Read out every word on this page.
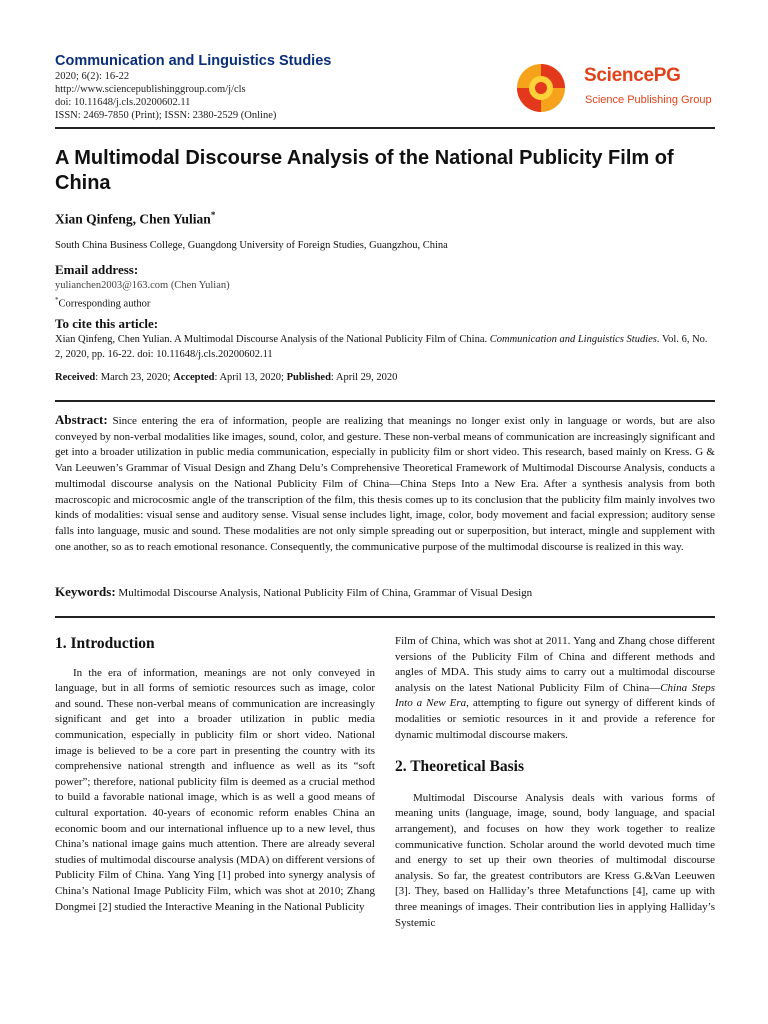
Communication and Linguistics Studies
2020; 6(2): 16-22
http://www.sciencepublishinggroup.com/j/cls
doi: 10.11648/j.cls.20200602.11
ISSN: 2469-7850 (Print); ISSN: 2380-2529 (Online)
SciencePG
Science Publishing Group
A Multimodal Discourse Analysis of the National Publicity Film of China
Xian Qinfeng, Chen Yulian*
South China Business College, Guangdong University of Foreign Studies, Guangzhou, China
Email address:
yulianchen2003@163.com (Chen Yulian)
*Corresponding author
To cite this article:
Xian Qinfeng, Chen Yulian. A Multimodal Discourse Analysis of the National Publicity Film of China. Communication and Linguistics Studies. Vol. 6, No. 2, 2020, pp. 16-22. doi: 10.11648/j.cls.20200602.11
Received: March 23, 2020; Accepted: April 13, 2020; Published: April 29, 2020
Abstract: Since entering the era of information, people are realizing that meanings no longer exist only in language or words, but are also conveyed by non-verbal modalities like images, sound, color, and gesture. These non-verbal means of communication are increasingly significant and get into a broader utilization in public media communication, especially in publicity film or short video. This research, based mainly on Kress. G & Van Leeuwen’s Grammar of Visual Design and Zhang Delu’s Comprehensive Theoretical Framework of Multimodal Discourse Analysis, conducts a multimodal discourse analysis on the National Publicity Film of China—China Steps Into a New Era. After a synthesis analysis from both macroscopic and microcosmic angle of the transcription of the film, this thesis comes up to its conclusion that the publicity film mainly involves two kinds of modalities: visual sense and auditory sense. Visual sense includes light, image, color, body movement and facial expression; auditory sense falls into language, music and sound. These modalities are not only simple spreading out or superposition, but interact, mingle and supplement with one another, so as to reach emotional resonance. Consequently, the communicative purpose of the multimodal discourse is realized in this way.
Keywords: Multimodal Discourse Analysis, National Publicity Film of China, Grammar of Visual Design
1. Introduction

In the era of information, meanings are not only conveyed in language, but in all forms of semiotic resources such as image, color and sound. These non-verbal means of communication are increasingly significant and get into a broader utilization in public media communication, especially in publicity film or short video. National image is believed to be a core part in presenting the country with its comprehensive national strength and influence as well as its “soft power”; therefore, national publicity film is deemed as a crucial method to build a favorable national image, which is as well a good means of cultural exportation. 40-years of economic reform enables China an economic boom and our international influence up to a new level, thus China’s national image gains much attention. There are already several studies of multimodal discourse analysis (MDA) on different versions of Publicity Film of China. Yang Ying [1] probed into synergy analysis of China’s National Image Publicity Film, which was shot at 2010; Zhang Dongmei [2] studied the Interactive Meaning in the National Publicity

Film of China, which was shot at 2011. Yang and Zhang chose different versions of the Publicity Film of China and different methods and angles of MDA. This study aims to carry out a multimodal discourse analysis on the latest National Publicity Film of China—China Steps Into a New Era, attempting to figure out synergy of different kinds of modalities or semiotic resources in it and provide a reference for dynamic multimodal discourse makers.

2. Theoretical Basis

Multimodal Discourse Analysis deals with various forms of meaning units (language, image, sound, body language, and spacial arrangement), and focuses on how they work together to realize communicative function. Scholar around the world devoted much time and energy to set up their own theories of multimodal discourse analysis. So far, the greatest contributors are Kress G.&Van Leeuwen [3]. They, based on Halliday’s three Metafunctions [4], came up with three meanings of images. Their contribution lies in applying Halliday’s Systemic
